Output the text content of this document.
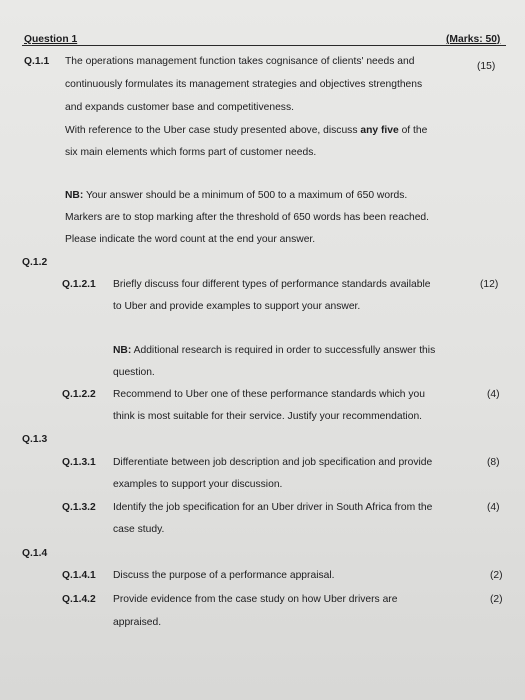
Question 1	(Marks: 50)
Q.1.1	(15)
The operations management function takes cognisance of clients' needs and
continuously formulates its management strategies and objectives strengthens
and expands customer base and competitiveness.
With reference to the Uber case study presented above, discuss any five of the
six main elements which forms part of customer needs.
NB: Your answer should be a minimum of 500 to a maximum of 650 words.
Markers are to stop marking after the threshold of 650 words has been reached.
Please indicate the word count at the end your answer.
Q.1.2
Q.1.2.1 Briefly discuss four different types of performance standards available	(12)
to Uber and provide examples to support your answer.
NB: Additional research is required in order to successfully answer this
question.
Q.1.2.2 Recommend to Uber one of these performance standards which you	(4)
think is most suitable for their service. Justify your recommendation.
Q.1.3
Q.1.3.1 Differentiate between job description and job specification and provide	(8)
examples to support your discussion.
Q.1.3.2 Identify the job specification for an Uber driver in South Africa from the	(4)
case study.
Q.1.4
Q.1.4.1 Discuss the purpose of a performance appraisal.	(2)
Q.1.4.2 Provide evidence from the case study on how Uber drivers are	(2)
appraised.
